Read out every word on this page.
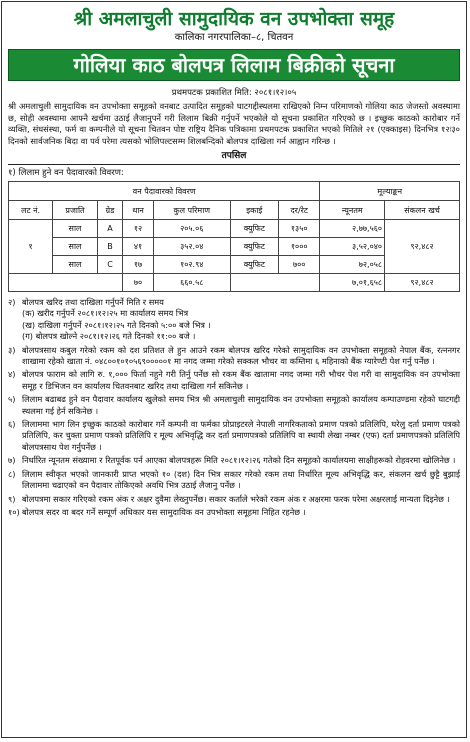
श्री अमलाचुली सामुदायिक वन उपभोक्ता समूह
कालिका नगरपालिका–८, चितवन
गोलिया काठ बोलपत्र लिलाम बिक्रीको सूचना
प्रथमपटक प्रकाशित मिति: २०८१।१२।०५

श्री अमलाचुली सामुदायिक वन उपभोक्ता समूहको वनबाट उत्पादित समूहको घाटगद्दीस्थलमा राखिएको निम्न परिमाणको गोलिया काठ जेजस्तो अवस्थामा छ, सोही अवस्थामा आफ्नै खर्चमा उठाई लैजानुपर्ने गरी लिलाम बिक्री गर्नुपर्ने भएकोले यो सूचना प्रकाशित गरिएको छ । इच्छुक काठको कारोबार गर्ने व्यक्ति, संघसंस्था, फर्म वा कम्पनीले यो सूचना चितवन पोष्ट राष्ट्रिय दैनिक पत्रिकामा प्रथमपटक प्रकाशित भएको मितिले २१ (एक्काइस) दिनभित्र १२ः३० दिनको सार्वजनिक बिदा वा पर्व परेमा त्यसको भोलिपल्टसम्म शिलबन्दिको बोलपत्र दाखिला गर्न आह्वान गरिन्छ ।

तपसिल
१) लिलाम हुने वन पैदावारको विवरण:
वन पैदावारको विवरण							मूल्याङ्कन	
लट नं.	प्रजाति	ग्रेड	थान	कुल परिमाण	इकाई	दर/रेट	न्यूनतम	संकलन खर्च
१	साल	A	१२	२०५.०६	क्युफिट	१३५०	२,७७,५६०	९२,४८२
	साल	B	४१	३५२.०४	क्युफिट	१०००	३,५२,०४०	
	साल	C	१७	१०२.९४	क्युफिट	७००	७२,०५८	
			७०	६६०.५८			७,०१,६५८	९२,४८२
२) बोलपत्र खरिद तथा दाखिला गर्नुपर्ने मिति र समय
(क) खरीद गर्नुपर्ने २०८१।१२।२५ मा कार्यालय समय भित्र
(ख) दाखिला गर्नुपर्ने २०८१।१२।२५ गते दिनको ५:०० बजे भित्र ।
(ग) बोलपत्र खोल्ने २०८१।१२।२६ गते दिनको ११:०० बजे ।
३) बोलपत्रसाथ कबुल गरेको रकम को दश प्रतिशत ले हुन आउने रकम बोलपत्र खरिद गरेको सामुदायिक वन उपभोक्ता समूहको नेपाल बैंक, रत्ननगर शाखामा रहेको खाता नं. ०४८००१०१०५६९०००००१ मा नगद जम्मा गरेको सक्कल भौचर वा कम्तिमा ६ महिनाको बैंक ग्यारेण्टी पेश गर्नु पर्नेछ ।
४) बोलपत्र फाराम को लागि रु. १,००० फिर्ता नहुने गरी तिर्नु पर्नेछ सो रकम बैंक खातामा नगद जम्मा गरी भौचर पेश गरी वा सामुदायिक वन उपभोक्ता समूह र डिभिजन वन कार्यालय चितवनबाट खरिद तथा दाखिला गर्न सकिनेछ ।
५) लिलाम बढाबढ हुने वन पैदावार कार्यालय खुलेको समय भित्र श्री अमलाचुली सामुदायिक वन उपभोक्ता समूहको कार्यालय कम्पाउण्डमा रहेको घाटगद्दी स्थलमा गई हेर्न सकिनेछ ।
६) लिलाममा भाग लिन इच्छुक काठको कारोबार गर्ने कम्पनी वा फर्मका प्रोप्राइटरले नेपाली नागरिकताको प्रमाण पत्रको प्रतिलिपि, घरेलु दर्ता प्रमाण पत्रको प्रतिलिपि, कर चुक्ता प्रमाण पत्रको प्रतिलिपि र मूल्य अभिवृद्धि कर दर्ता प्रमाणपत्रको प्रतिलिपि वा स्थायी लेखा नम्बर (एफ) दर्ता प्रमाणपत्रको प्रतिलिपि बोलपत्रसाथ पेश गर्नुपर्नेछ ।
७) निर्धारित न्यूनतम संख्यामा र रितपूर्वक पर्न आएका बोलपत्रहरू मिति २०८१।१२।२६ गतेको दिन समूहको कार्यालयमा साक्षीहरूको रोहवरमा खोलिनेछ ।
८) लिलाम स्वीकृत भएको जानकारी प्राप्त भएको १० (दश) दिन भित्र सकार गरेको रकम तथा निर्धारित मूल्य अभिवृद्धि कर, संकलन खर्च छुट्टै बुझाई लिलाममा चढाएको वन पैदावार तोकिएको अवधि भित्र उठाई लैजानु पर्नेछ ।
९) बोलपत्रमा सकार गरिएको रकम अंक र अक्षर दुवैमा लेख्नुपर्नेछ। सकार कर्ताले भरेको रकम अंक र अक्षरमा फरक परेमा अक्षरलाई मान्यता दिइनेछ ।
१०) बोलपत्र सदर वा बदर गर्ने सम्पूर्ण अधिकार यस सामुदायिक वन उपभोक्ता समूहमा निहित रहनेछ ।
